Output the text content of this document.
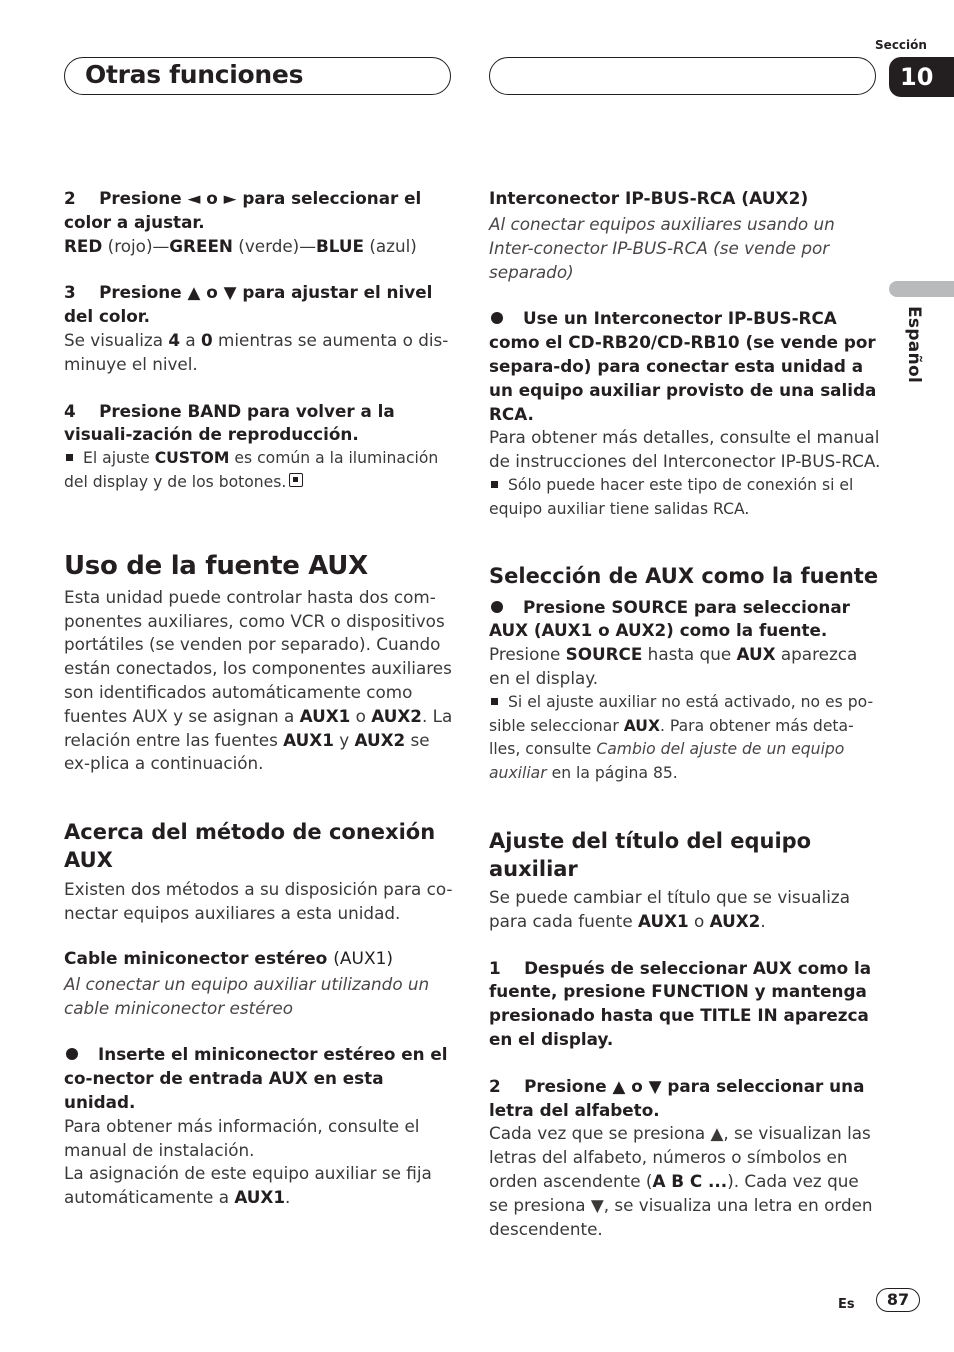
Otras funciones
Sección
10
Español

2 Presione ◄ o ► para seleccionar el color a ajustar.

RED (rojo)—GREEN (verde)—BLUE (azul)

3 Presione ▲ o ▼ para ajustar el nivel del color.

Se visualiza 4 a 0 mientras se aumenta o dis-minuye el nivel.

4 Presione BAND para volver a la visuali-zación de reproducción.

El ajuste CUSTOM es común a la iluminación del display y de los botones.

Uso de la fuente AUX

Esta unidad puede controlar hasta dos com-ponentes auxiliares, como VCR o dispositivos portátiles (se venden por separado). Cuando están conectados, los componentes auxiliares son identificados automáticamente como fuentes AUX y se asignan a AUX1 o AUX2. La relación entre las fuentes AUX1 y AUX2 se ex-plica a continuación.

Acerca del método de conexión AUX

Existen dos métodos a su disposición para co-nectar equipos auxiliares a esta unidad.

Cable miniconector estéreo (AUX1)

Al conectar un equipo auxiliar utilizando un cable miniconector estéreo

Inserte el miniconector estéreo en el co-nector de entrada AUX en esta unidad.

Para obtener más información, consulte el manual de instalación.

La asignación de este equipo auxiliar se fija automáticamente a AUX1.

Interconector IP-BUS-RCA (AUX2)

Al conectar equipos auxiliares usando un Inter-conector IP-BUS-RCA (se vende por separado)

Use un Interconector IP-BUS-RCA como el CD-RB20/CD-RB10 (se vende por separa-do) para conectar esta unidad a un equipo auxiliar provisto de una salida RCA.

Para obtener más detalles, consulte el manual de instrucciones del Interconector IP-BUS-RCA.

Sólo puede hacer este tipo de conexión si el equipo auxiliar tiene salidas RCA.

Selección de AUX como la fuente

Presione SOURCE para seleccionar AUX (AUX1 o AUX2) como la fuente.

Presione SOURCE hasta que AUX aparezca en el display.

Si el ajuste auxiliar no está activado, no es po-sible seleccionar AUX. Para obtener más deta-lles, consulte Cambio del ajuste de un equipo auxiliar en la página 85.

Ajuste del título del equipo auxiliar

Se puede cambiar el título que se visualiza para cada fuente AUX1 o AUX2.

1 Después de seleccionar AUX como la fuente, presione FUNCTION y mantenga presionado hasta que TITLE IN aparezca en el display.

2 Presione ▲ o ▼ para seleccionar una letra del alfabeto.

Cada vez que se presiona ▲, se visualizan las letras del alfabeto, números o símbolos en orden ascendente (A B C ...). Cada vez que se presiona ▼, se visualiza una letra en orden descendente.

Es	87
